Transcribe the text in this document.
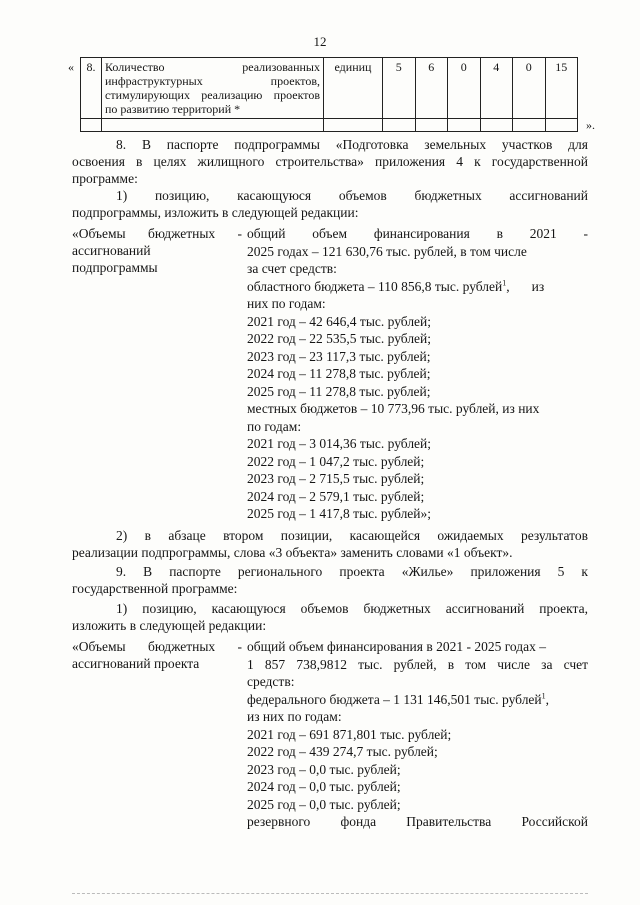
12
« 8.	Количество реализованных
инфраструктурных проектов,
стимулирующих реализацию проектов
по развитию территорий *	единиц	5	6	0	4	0	15

».
8. В паспорте подпрограммы «Подготовка земельных участков для
освоения в целях жилищного строительства» приложения 4 к государственной
программе:
1) позицию, касающуюся объемов бюджетных ассигнований
подпрограммы, изложить в следующей редакции:
«Объемы бюджетных -
ассигнований
подпрограммы
общий объем финансирования в 2021 -
2025 годах – 121 630,76 тыс. рублей, в том числе
за счет средств:
областного бюджета – 110 856,8 тыс. рублей$^1$, из
них по годам:
2021 год – 42 646,4 тыс. рублей;
2022 год – 22 535,5 тыс. рублей;
2023 год – 23 117,3 тыс. рублей;
2024 год – 11 278,8 тыс. рублей;
2025 год – 11 278,8 тыс. рублей;
местных бюджетов – 10 773,96 тыс. рублей, из них
по годам:
2021 год – 3 014,36 тыс. рублей;
2022 год – 1 047,2 тыс. рублей;
2023 год – 2 715,5 тыс. рублей;
2024 год – 2 579,1 тыс. рублей;
2025 год – 1 417,8 тыс. рублей»;
2) в абзаце втором позиции, касающейся ожидаемых результатов
реализации подпрограммы, слова «3 объекта» заменить словами «1 объект».
9. В паспорте регионального проекта «Жилье» приложения 5 к
государственной программе:
1) позицию, касающуюся объемов бюджетных ассигнований проекта,
изложить в следующей редакции:
«Объемы бюджетных -
ассигнований проекта
общий объем финансирования в 2021 - 2025 годах –
1 857 738,9812 тыс. рублей, в том числе за счет
средств:
федерального бюджета – 1 131 146,501 тыс. рублей$^1$,
из них по годам:
2021 год – 691 871,801 тыс. рублей;
2022 год – 439 274,7 тыс. рублей;
2023 год – 0,0 тыс. рублей;
2024 год – 0,0 тыс. рублей;
2025 год – 0,0 тыс. рублей;
резервного фонда Правительства Российской
